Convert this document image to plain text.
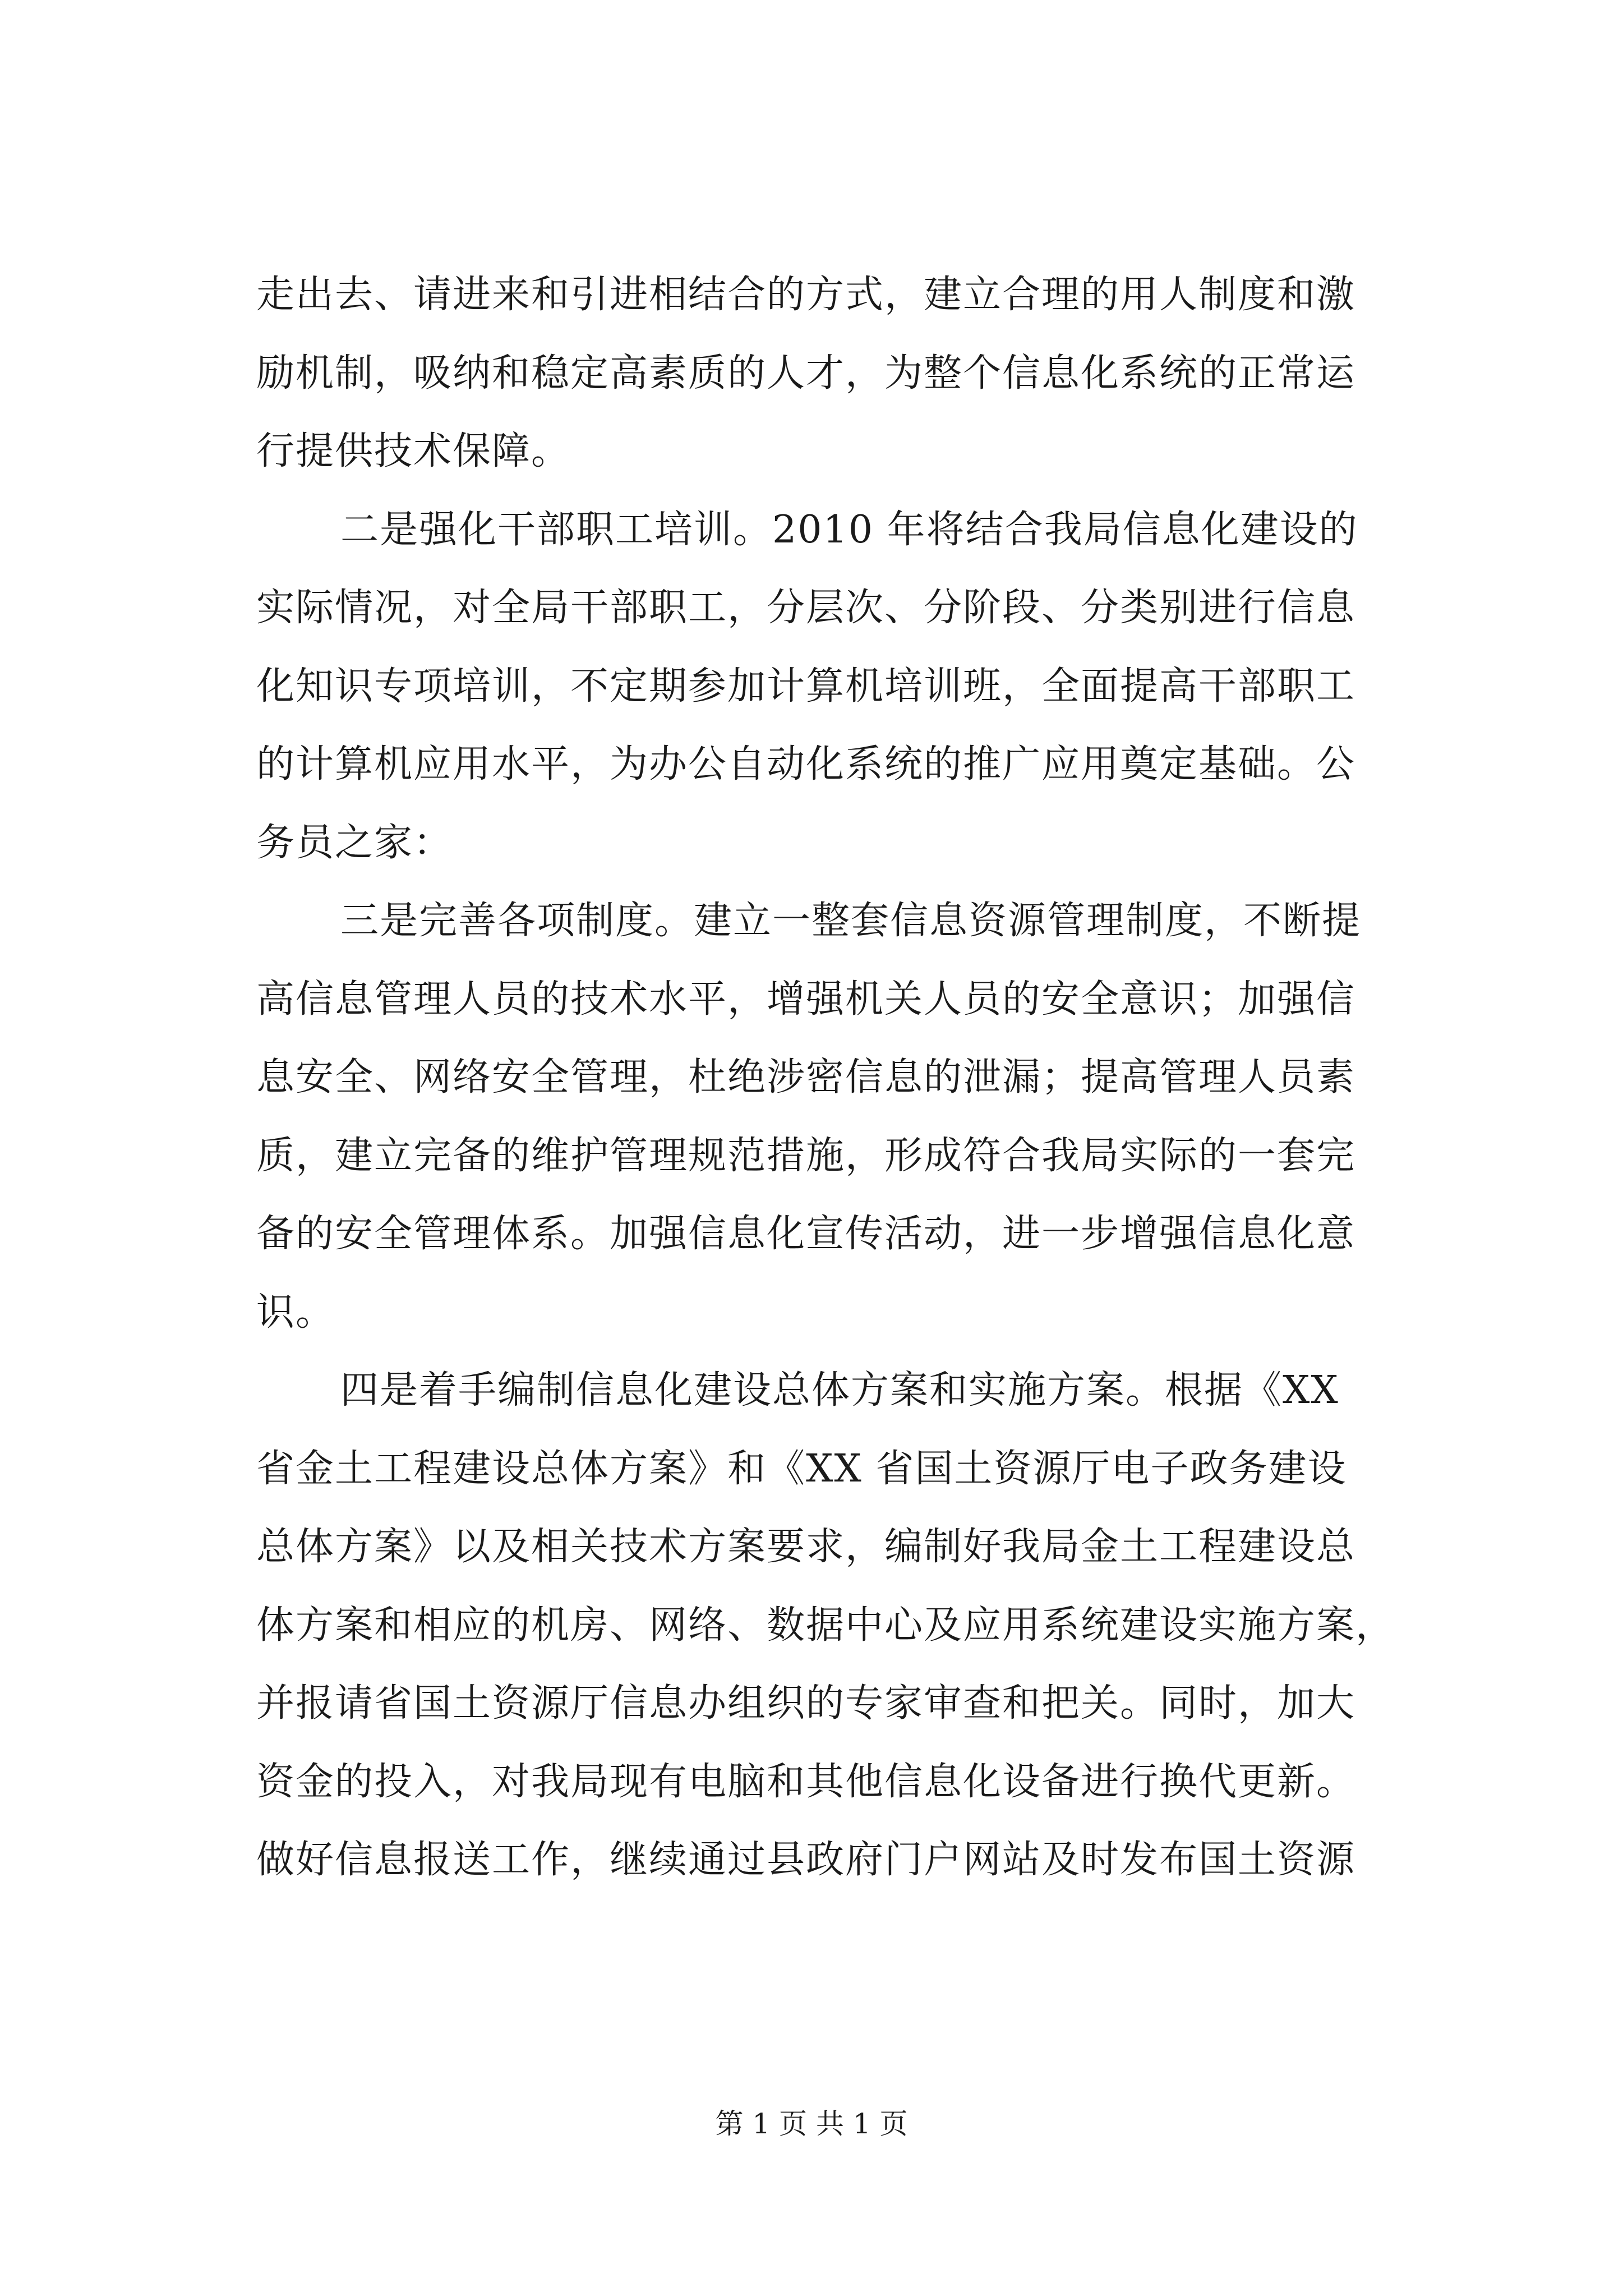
走出去、请进来和引进相结合的方式，建立合理的用人制度和激
励机制，吸纳和稳定高素质的人才，为整个信息化系统的正常运
行提供技术保障。
二是强化干部职工培训。2010 年将结合我局信息化建设的
实际情况，对全局干部职工，分层次、分阶段、分类别进行信息
化知识专项培训，不定期参加计算机培训班，全面提高干部职工
的计算机应用水平，为办公自动化系统的推广应用奠定基础。公
务员之家：
三是完善各项制度。建立一整套信息资源管理制度，不断提
高信息管理人员的技术水平，增强机关人员的安全意识；加强信
息安全、网络安全管理，杜绝涉密信息的泄漏；提高管理人员素
质，建立完备的维护管理规范措施，形成符合我局实际的一套完
备的安全管理体系。加强信息化宣传活动，进一步增强信息化意
识。
四是着手编制信息化建设总体方案和实施方案。根据《XX
省金土工程建设总体方案》和《XX 省国土资源厅电子政务建设
总体方案》以及相关技术方案要求，编制好我局金土工程建设总
体方案和相应的机房、网络、数据中心及应用系统建设实施方案，
并报请省国土资源厅信息办组织的专家审查和把关。同时，加大
资金的投入，对我局现有电脑和其他信息化设备进行换代更新。
做好信息报送工作，继续通过县政府门户网站及时发布国土资源
第 1 页 共 1 页
